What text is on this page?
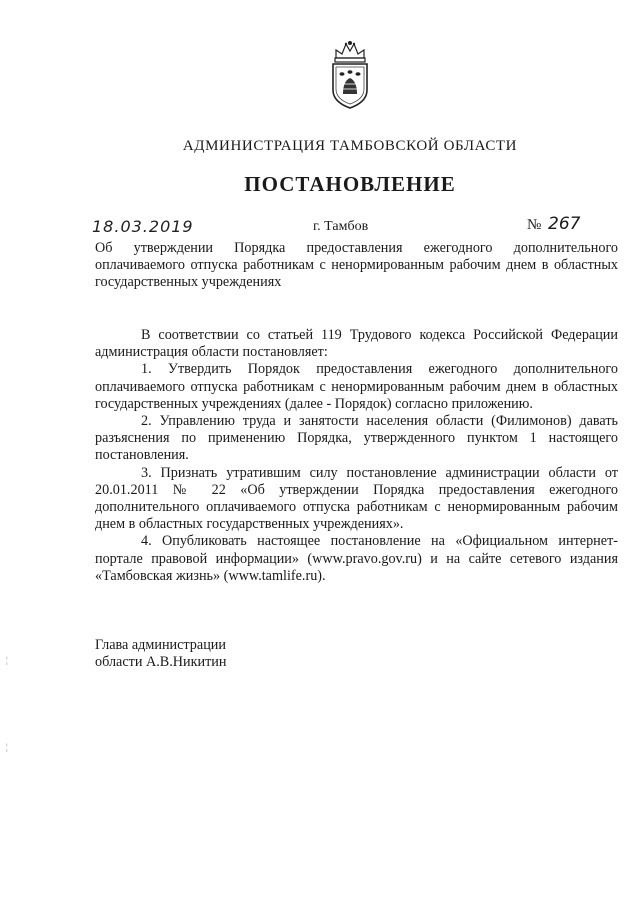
АДМИНИСТРАЦИЯ ТАМБОВСКОЙ ОБЛАСТИ
ПОСТАНОВЛЕНИЕ
18.03.2019	г. Тамбов	№ 267
Об утверждении Порядка предоставления ежегодного дополнительного оплачиваемого отпуска работникам с ненормированным рабочим днем в областных государственных учреждениях

В соответствии со статьей 119 Трудового кодекса Российской Федерации администрация области постановляет:

1. Утвердить Порядок предоставления ежегодного дополнительного оплачиваемого отпуска работникам с ненормированным рабочим днем в областных государственных учреждениях (далее - Порядок) согласно приложению.

2. Управлению труда и занятости населения области (Филимонов) давать разъяснения по применению Порядка, утвержденного пунктом 1 настоящего постановления.

3. Признать утратившим силу постановление администрации области от 20.01.2011 № 22 «Об утверждении Порядка предоставления ежегодного дополнительного оплачиваемого отпуска работникам с ненормированным рабочим днем в областных государственных учреждениях».

4. Опубликовать настоящее постановление на «Официальном интернет-портале правовой информации» (www.pravo.gov.ru) и на сайте сетевого издания «Тамбовская жизнь» (www.tamlife.ru).

Глава администрации
области А.В.Никитин
¦
¦
